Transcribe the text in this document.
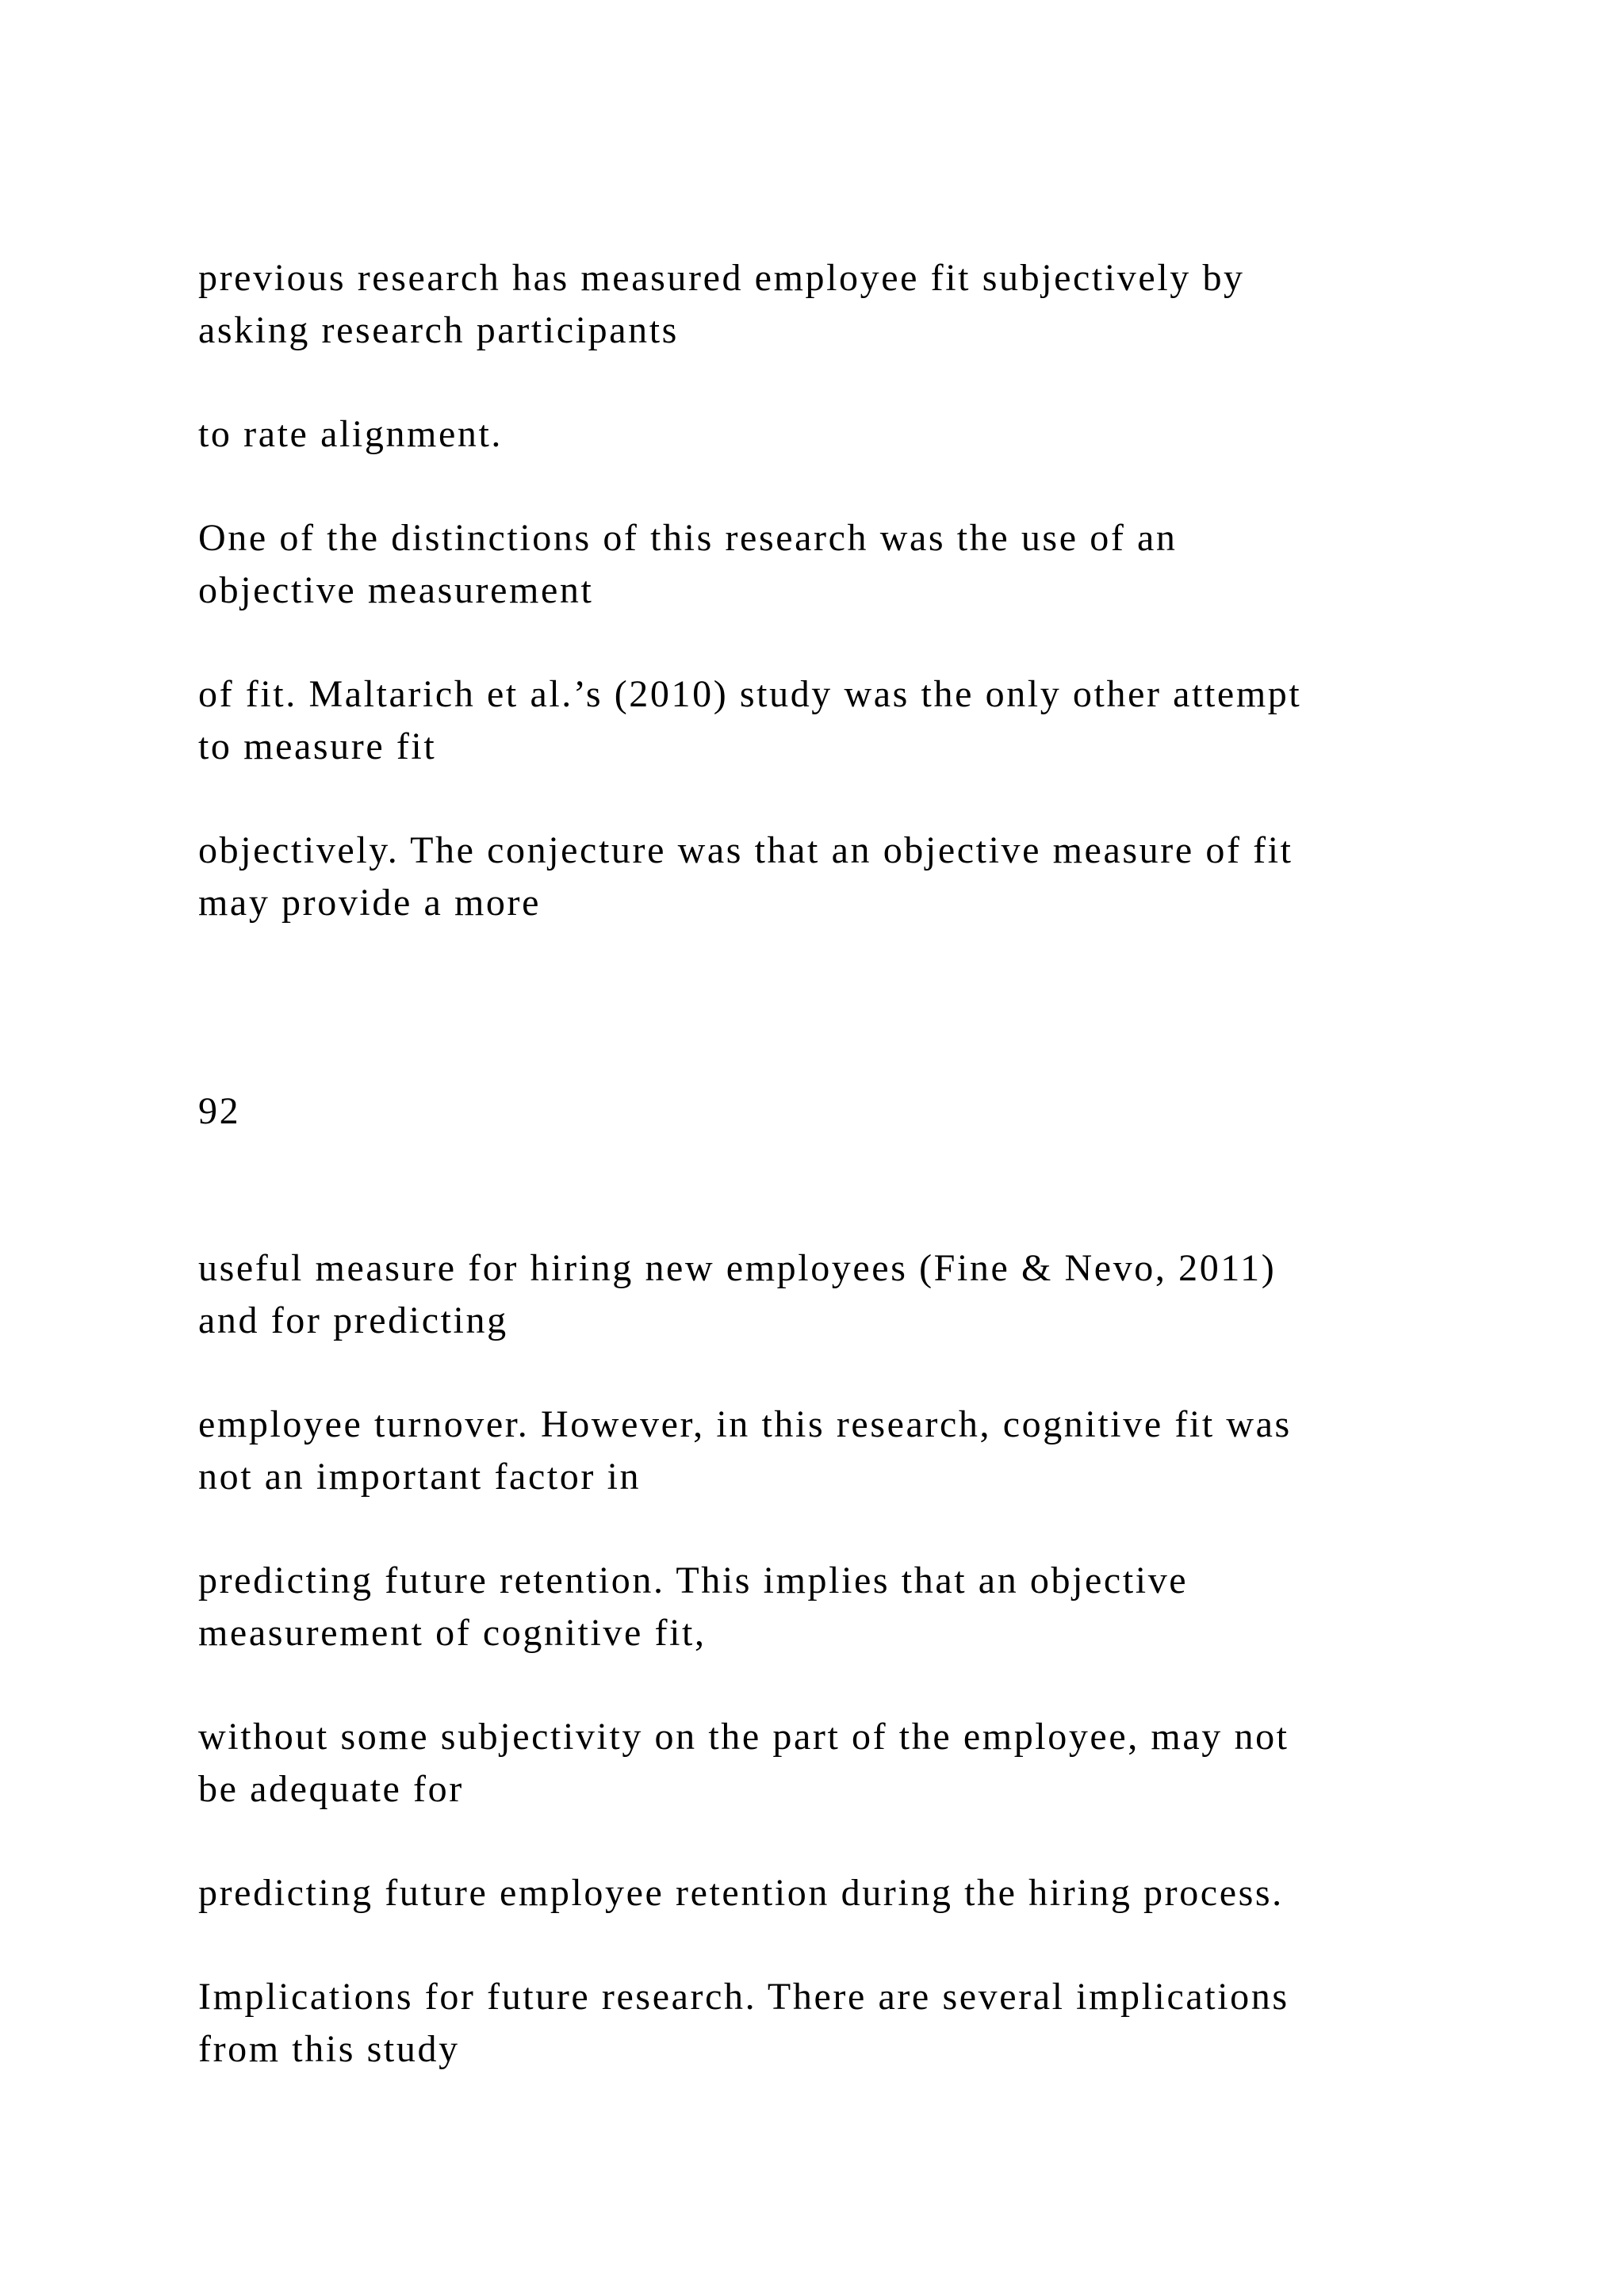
previous research has measured employee fit subjectively by
asking research participants
to rate alignment.
One of the distinctions of this research was the use of an
objective measurement
of fit. Maltarich et al.’s (2010) study was the only other attempt
to measure fit
objectively. The conjecture was that an objective measure of fit
may provide a more
92
useful measure for hiring new employees (Fine & Nevo, 2011)
and for predicting
employee turnover. However, in this research, cognitive fit was
not an important factor in
predicting future retention. This implies that an objective
measurement of cognitive fit,
without some subjectivity on the part of the employee, may not
be adequate for
predicting future employee retention during the hiring process.
Implications for future research. There are several implications
from this study
